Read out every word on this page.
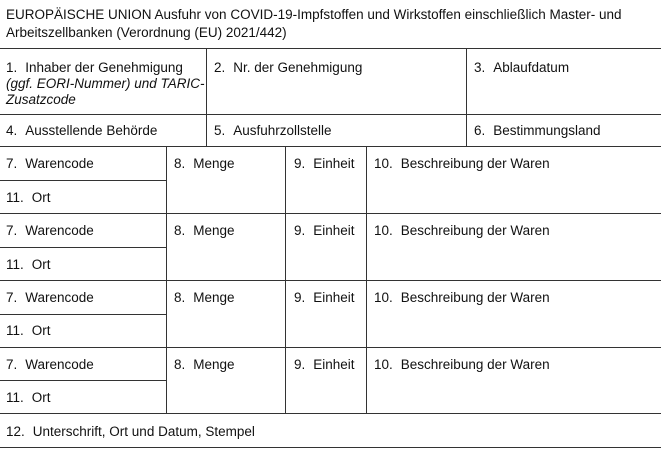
EUROPÄISCHE UNION Ausfuhr von COVID-19-Impfstoffen und Wirkstoffen einschließlich Master- und Arbeitszellbanken (Verordnung (EU) 2021/442)
1. Inhaber der Genehmigung
(ggf. EORI-Nummer) und TARIC-
Zusatzcode
2. Nr. der Genehmigung	3. Ablaufdatum
4. Ausstellende Behörde	5. Ausfuhrzollstelle	6. Bestimmungsland
7. Warencode	8. Menge	9. Einheit 10. Beschreibung der Waren
11. Ort
7. Warencode	8. Menge	9. Einheit 10. Beschreibung der Waren
11. Ort
7. Warencode	8. Menge	9. Einheit 10. Beschreibung der Waren
11. Ort
7. Warencode	8. Menge	9. Einheit 10. Beschreibung der Waren
11. Ort
12. Unterschrift, Ort und Datum, Stempel
